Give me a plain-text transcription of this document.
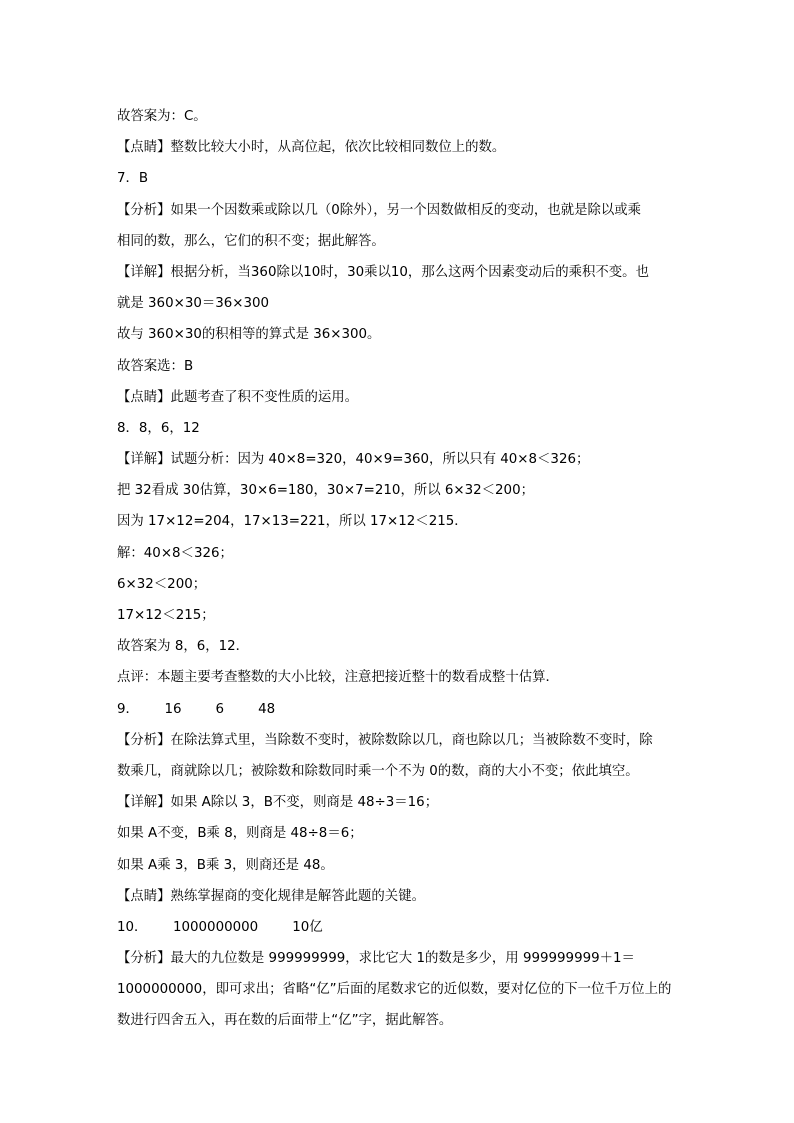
故答案为：C。
【点睛】整数比较大小时，从高位起，依次比较相同数位上的数。
7．B
【分析】如果一个因数乘或除以几（0除外），另一个因数做相反的变动，也就是除以或乘
相同的数，那么，它们的积不变；据此解答。
【详解】根据分析，当360除以10时，30乘以10，那么这两个因素变动后的乘积不变。也
就是 360×30＝36×300
故与 360×30的积相等的算式是 36×300。
故答案选：B
【点睛】此题考查了积不变性质的运用。
8．8，6，12
【详解】试题分析：因为 40×8=320，40×9=360，所以只有 40×8＜326；
把 32看成 30估算，30×6=180，30×7=210，所以 6×32＜200；
因为 17×12=204，17×13=221，所以 17×12＜215．
解：40×8＜326；
6×32＜200；
17×12＜215；
故答案为 8，6，12．
点评：本题主要考查整数的大小比较，注意把接近整十的数看成整十估算．
9．      16        6        48
【分析】在除法算式里，当除数不变时，被除数除以几，商也除以几；当被除数不变时，除
数乘几，商就除以几；被除数和除数同时乘一个不为 0的数，商的大小不变；依此填空。
【详解】如果 A除以 3，B不变，则商是 48÷3＝16；
如果 A不变，B乘 8，则商是 48÷8＝6；
如果 A乘 3，B乘 3，则商还是 48。
【点睛】熟练掌握商的变化规律是解答此题的关键。
10．      1000000000        10亿
【分析】最大的九位数是 999999999，求比它大 1的数是多少，用 999999999＋1＝
1000000000，即可求出；省略“亿”后面的尾数求它的近似数，要对亿位的下一位千万位上的
数进行四舍五入，再在数的后面带上“亿”字，据此解答。
